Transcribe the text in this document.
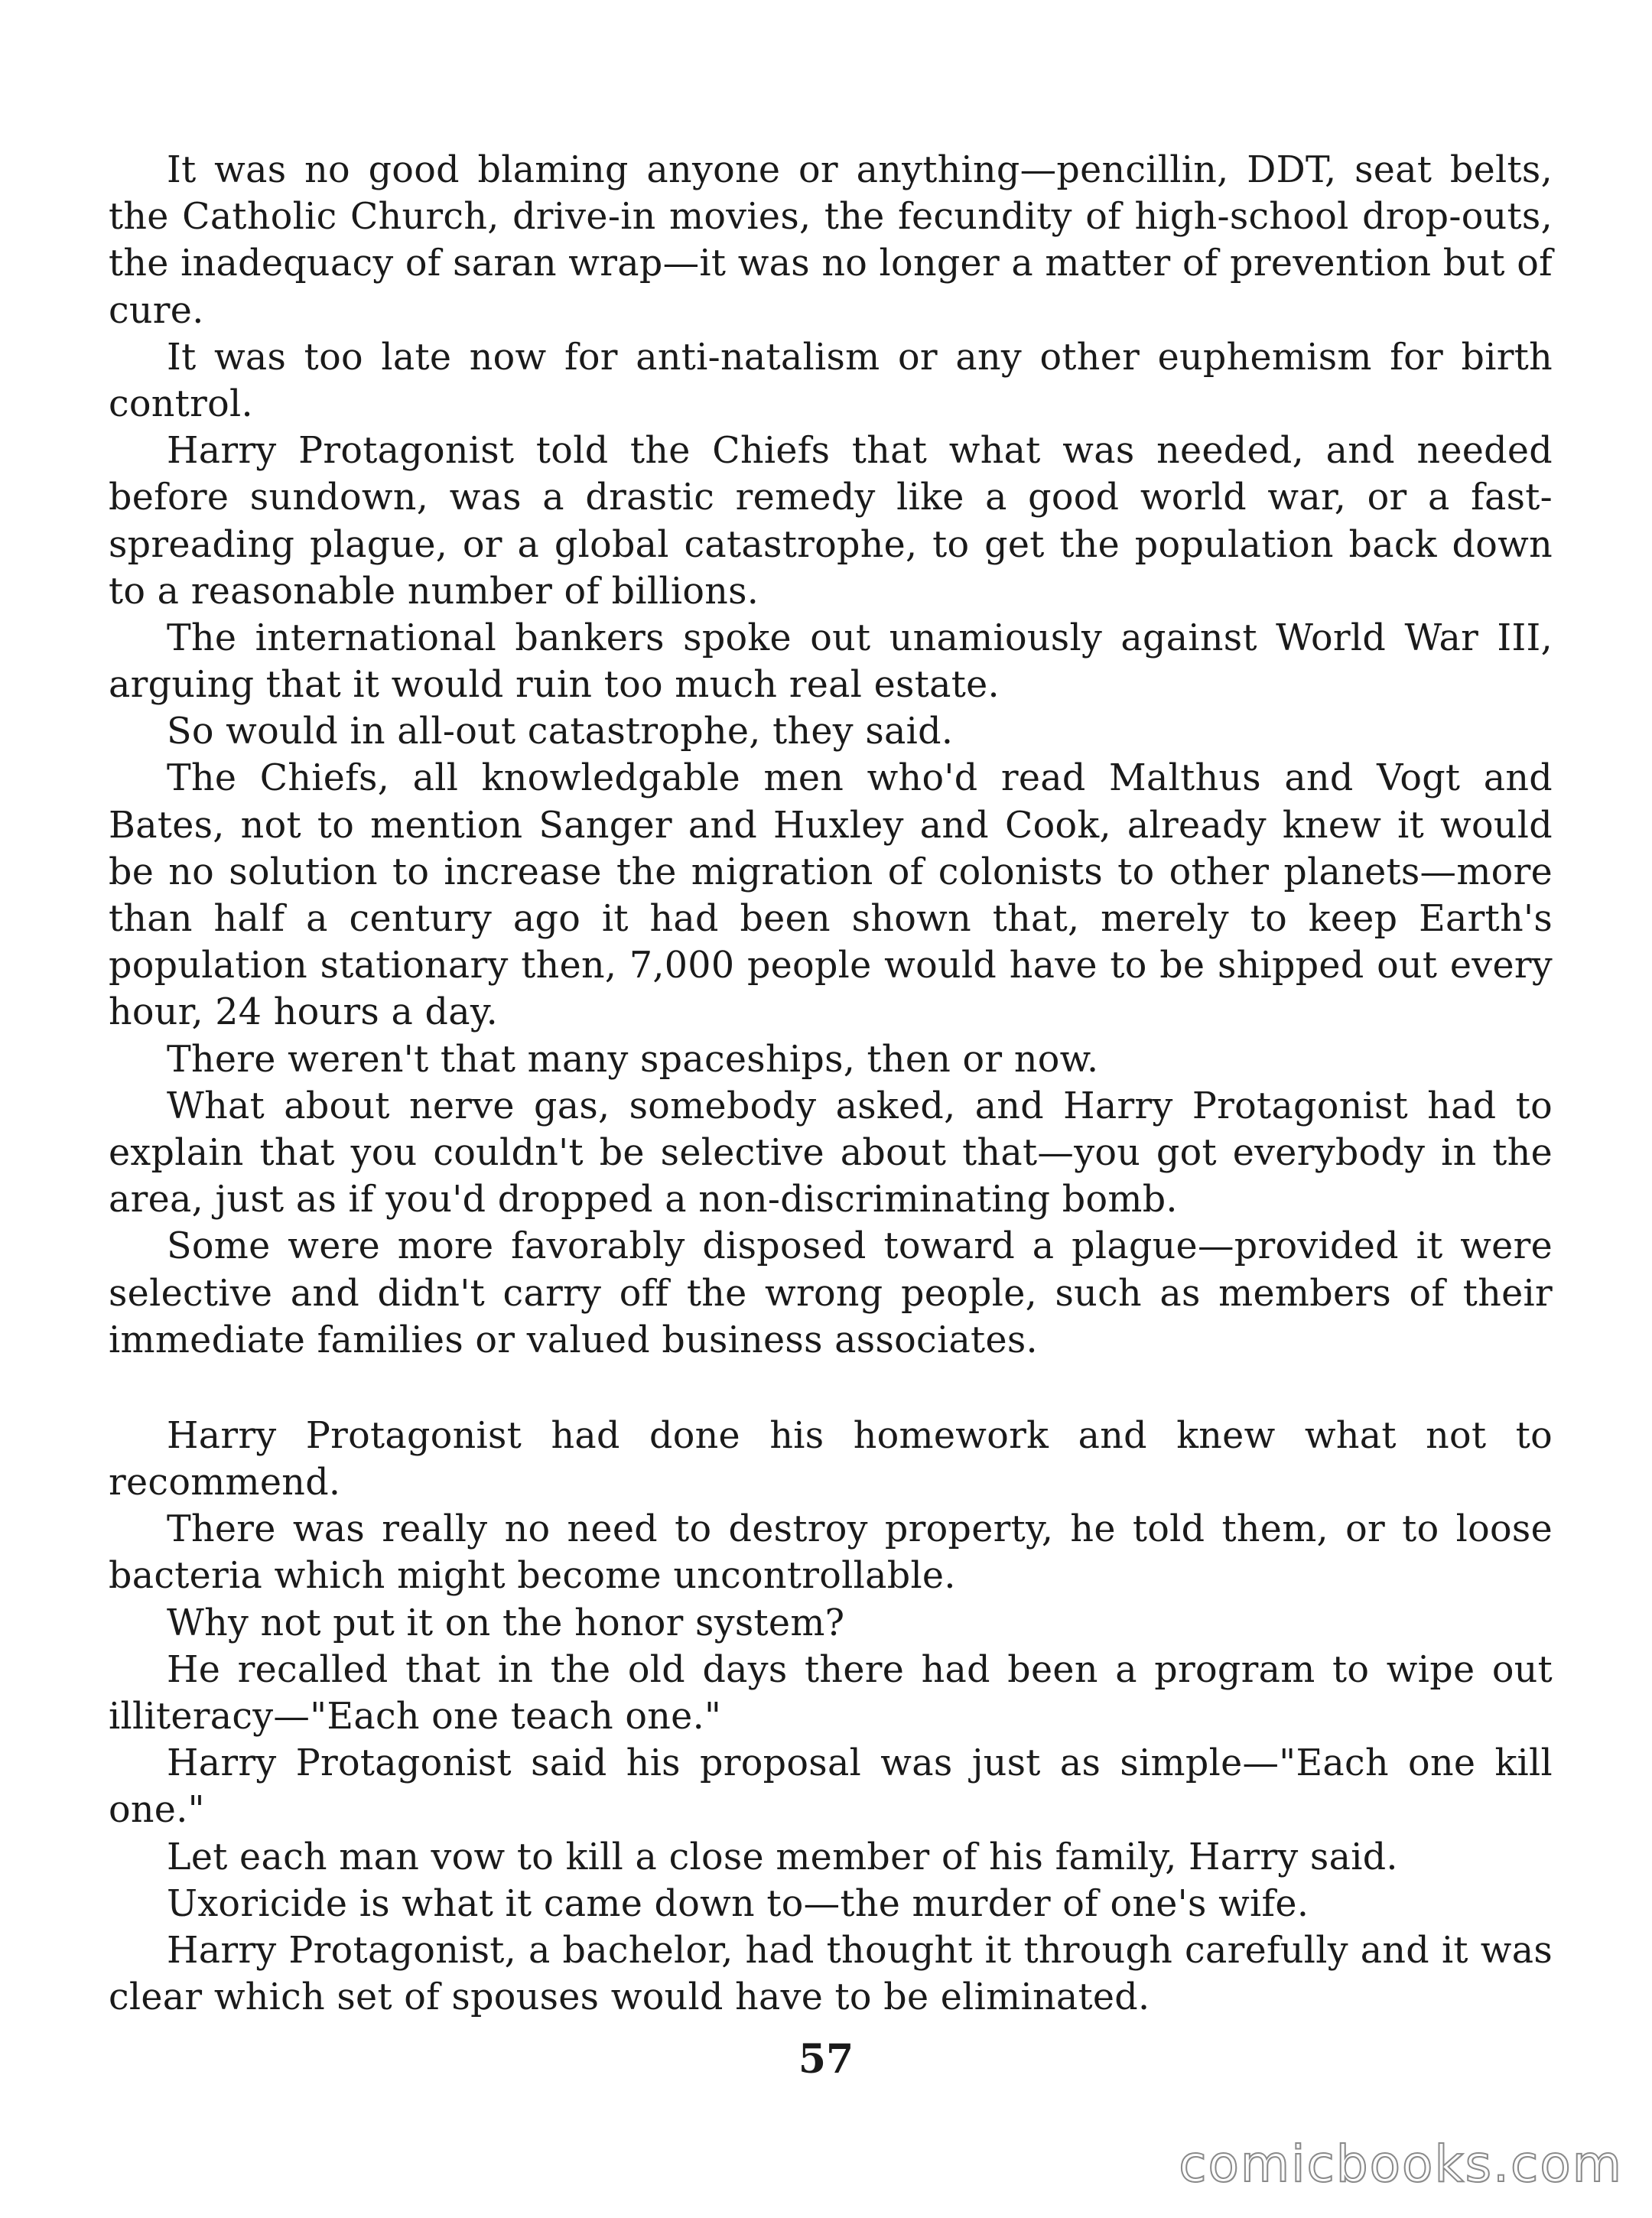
It was no good blaming anyone or anything—pencillin, DDT, seat belts, the Catholic Church, drive-in movies, the fecundity of high-school drop-outs, the inadequacy of saran wrap—it was no longer a matter of prevention but of cure.

It was too late now for anti-natalism or any other euphemism for birth control.

Harry Protagonist told the Chiefs that what was needed, and needed before sundown, was a drastic remedy like a good world war, or a fast-spreading plague, or a global catastrophe, to get the population back down to a reasonable number of billions.

The international bankers spoke out unamiously against World War III, arguing that it would ruin too much real estate.

So would in all-out catastrophe, they said.

The Chiefs, all knowledgable men who'd read Malthus and Vogt and Bates, not to mention Sanger and Huxley and Cook, already knew it would be no solution to increase the migration of colonists to other planets—more than half a century ago it had been shown that, merely to keep Earth's population stationary then, 7,000 people would have to be shipped out every hour, 24 hours a day.

There weren't that many spaceships, then or now.

What about nerve gas, somebody asked, and Harry Protagonist had to explain that you couldn't be selective about that—you got everybody in the area, just as if you'd dropped a non-discriminating bomb.

Some were more favorably disposed toward a plague—provided it were selective and didn't carry off the wrong people, such as members of their immediate families or valued business associates.

Harry Protagonist had done his homework and knew what not to recommend.

There was really no need to destroy property, he told them, or to loose bacteria which might become uncontrollable.

Why not put it on the honor system?

He recalled that in the old days there had been a program to wipe out illiteracy—"Each one teach one."

Harry Protagonist said his proposal was just as simple—"Each one kill one."

Let each man vow to kill a close member of his family, Harry said.

Uxoricide is what it came down to—the murder of one's wife.

Harry Protagonist, a bachelor, had thought it through carefully and it was clear which set of spouses would have to be eliminated.

57
comicbooks.com
